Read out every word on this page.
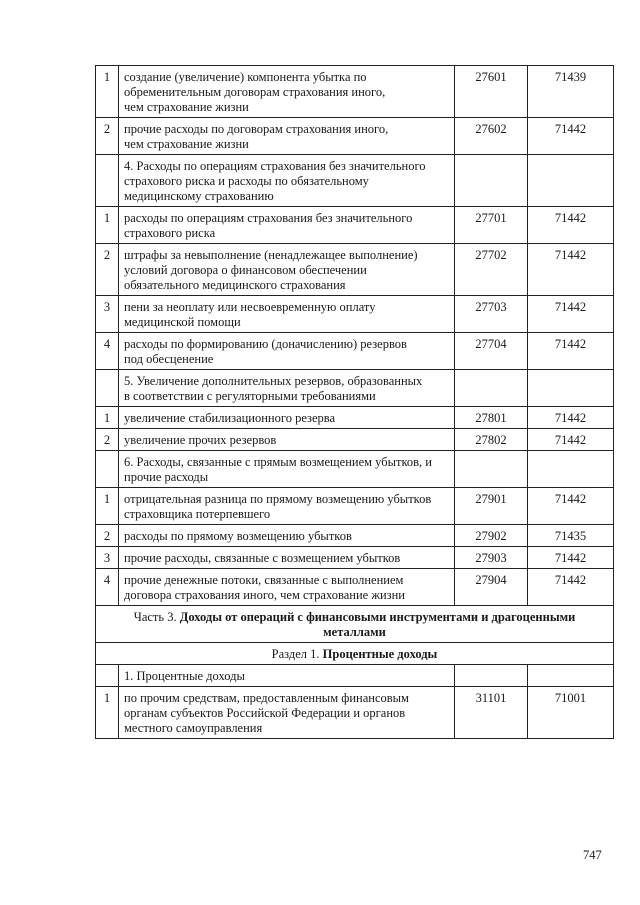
1	создание (увеличение) компонента убытка по
обременительным договорам страхования иного,
чем страхование жизни	27601	71439
2	прочие расходы по договорам страхования иного,
чем страхование жизни	27602	71442
	4. Расходы по операциям страхования без значительного
страхового риска и расходы по обязательному
медицинскому страхованию		
1	расходы по операциям страхования без значительного
страхового риска	27701	71442
2	штрафы за невыполнение (ненадлежащее выполнение)
условий договора о финансовом обеспечении
обязательного медицинского страхования	27702	71442
3	пени за неоплату или несвоевременную оплату
медицинской помощи	27703	71442
4	расходы по формированию (доначислению) резервов
под обесценение	27704	71442
	5. Увеличение дополнительных резервов, образованных
в соответствии с регуляторными требованиями		
1	увеличение стабилизационного резерва	27801	71442
2	увеличение прочих резервов	27802	71442
	6. Расходы, связанные с прямым возмещением убытков, и
прочие расходы		
1	отрицательная разница по прямому возмещению убытков
страховщика потерпевшего	27901	71442
2	расходы по прямому возмещению убытков	27902	71435
3	прочие расходы, связанные с возмещением убытков	27903	71442
4	прочие денежные потоки, связанные с выполнением
договора страхования иного, чем страхование жизни	27904	71442
Часть 3. Доходы от операций с финансовыми инструментами и драгоценными
металлами			
Раздел 1. Процентные доходы			
	1. Процентные доходы		
1	по прочим средствам, предоставленным финансовым
органам субъектов Российской Федерации и органов
местного самоуправления	31101	71001
747
